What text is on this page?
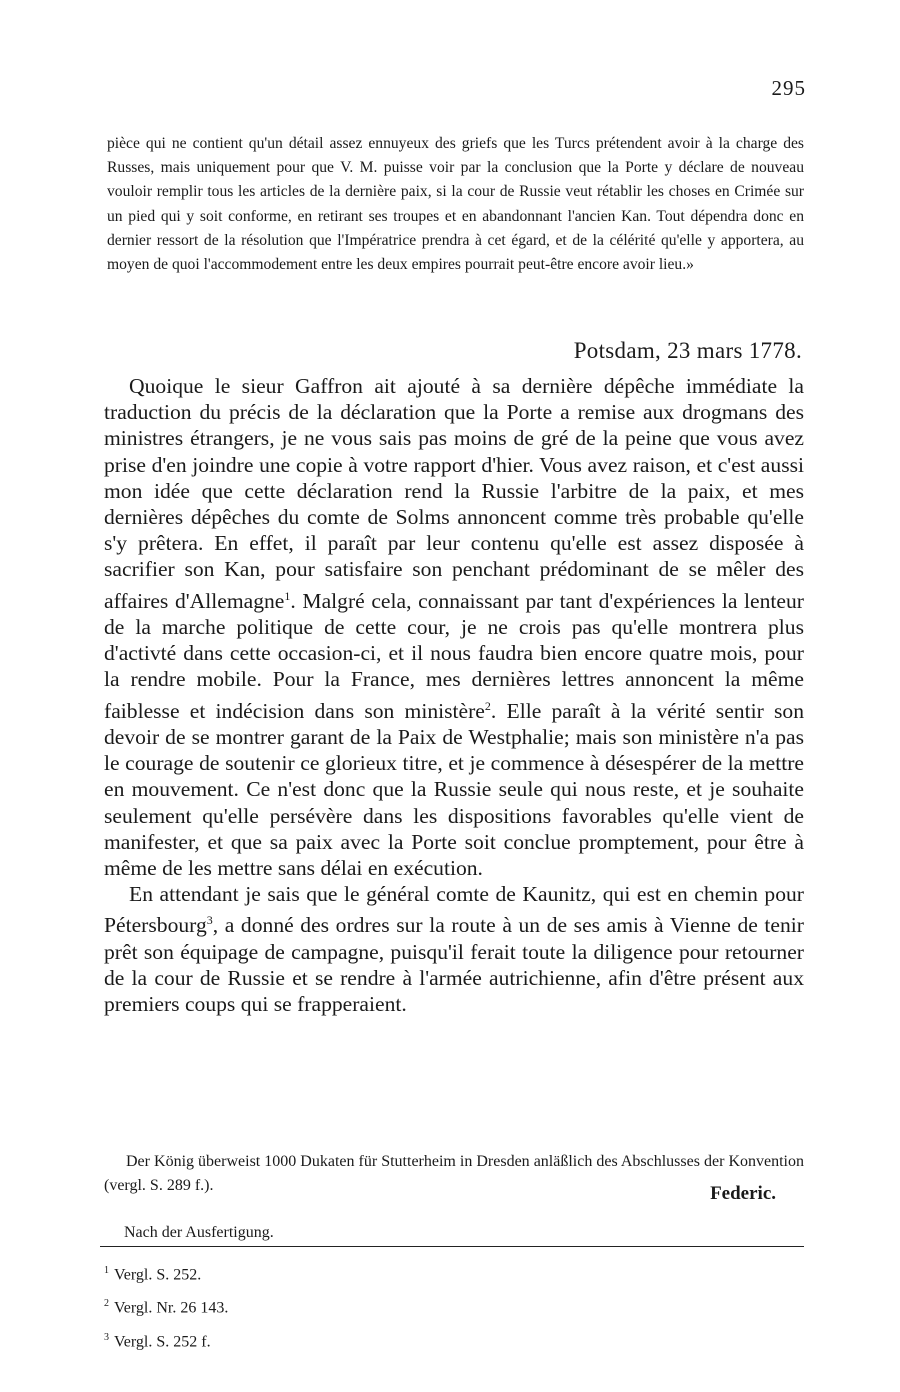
295
pièce qui ne contient qu'un détail assez ennuyeux des griefs que les Turcs prétendent avoir à la charge des Russes, mais uniquement pour que V. M. puisse voir par la conclusion que la Porte y déclare de nouveau vouloir remplir tous les articles de la dernière paix, si la cour de Russie veut rétablir les choses en Crimée sur un pied qui y soit conforme, en retirant ses troupes et en abandonnant l'ancien Kan. Tout dépendra donc en dernier ressort de la résolution que l'Impératrice prendra à cet égard, et de la célérité qu'elle y apportera, au moyen de quoi l'accommodement entre les deux empires pourrait peut-être encore avoir lieu.»
Potsdam, 23 mars 1778.

Quoique le sieur Gaffron ait ajouté à sa dernière dépêche immédiate la traduction du précis de la déclaration que la Porte a remise aux drogmans des ministres étrangers, je ne vous sais pas moins de gré de la peine que vous avez prise d'en joindre une copie à votre rapport d'hier. Vous avez raison, et c'est aussi mon idée que cette déclaration rend la Russie l'arbitre de la paix, et mes dernières dépêches du comte de Solms annoncent comme très probable qu'elle s'y prêtera. En effet, il paraît par leur contenu qu'elle est assez disposée à sacrifier son Kan, pour satisfaire son penchant prédominant de se mêler des affaires d'Allemagne$^1$. Malgré cela, connaissant par tant d'expériences la lenteur de la marche politique de cette cour, je ne crois pas qu'elle montrera plus d'activté dans cette occasion-ci, et il nous faudra bien encore quatre mois, pour la rendre mobile. Pour la France, mes dernières lettres annoncent la même faiblesse et indécision dans son ministère$^2$. Elle paraît à la vérité sentir son devoir de se montrer garant de la Paix de Westphalie; mais son ministère n'a pas le courage de soutenir ce glorieux titre, et je commence à désespérer de la mettre en mouvement. Ce n'est donc que la Russie seule qui nous reste, et je souhaite seulement qu'elle persévère dans les dispositions favorables qu'elle vient de manifester, et que sa paix avec la Porte soit conclue promptement, pour être à même de les mettre sans délai en exécution.

En attendant je sais que le général comte de Kaunitz, qui est en chemin pour Pétersbourg$^3$, a donné des ordres sur la route à un de ses amis à Vienne de tenir prêt son équipage de campagne, puisqu'il ferait toute la diligence pour retourner de la cour de Russie et se rendre à l'armée autrichienne, afin d'être présent aux premiers coups qui se frapperaient.

Der König überweist 1000 Dukaten für Stutterheim in Dresden anläßlich des Abschlusses der Konvention (vergl. S. 289 f.).	Federic.
Nach der Ausfertigung.
$^1$ Vergl. S. 252.
$^2$ Vergl. Nr. 26 143.
$^3$ Vergl. S. 252 f.
